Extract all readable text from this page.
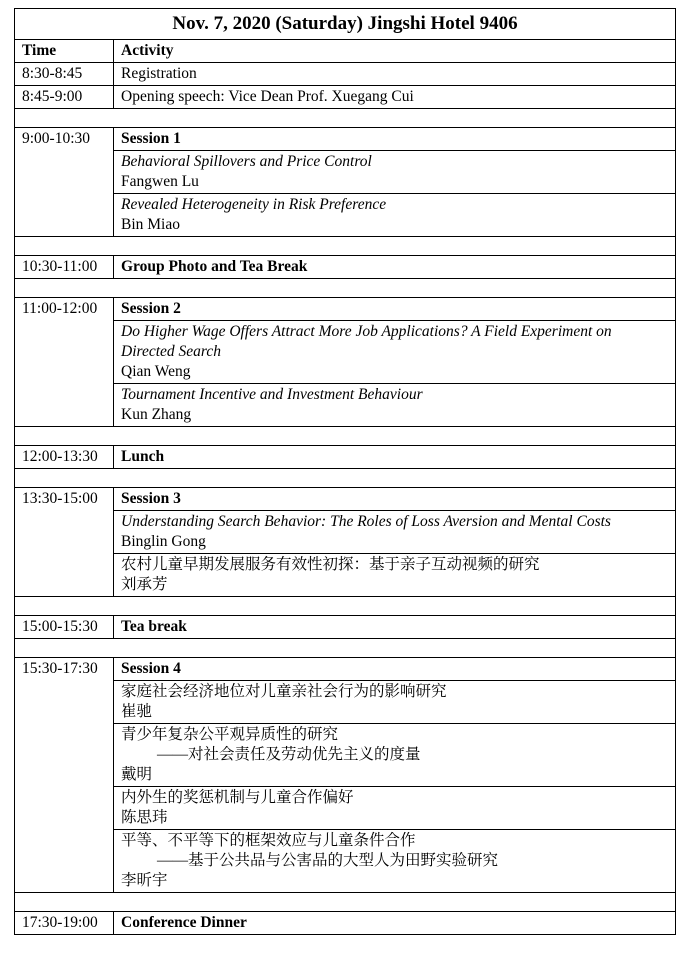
Nov. 7, 2020 (Saturday) Jingshi Hotel 9406	
Time	Activity
8:30-8:45	Registration
8:45-9:00	Opening speech: Vice Dean Prof. Xuegang Cui

9:00-10:30	Session 1

	Behavioral Spillovers and Price Control
Fangwen Lu

	Revealed Heterogeneity in Risk Preference
Bin Miao

10:30-11:00	Group Photo and Tea Break

11:00-12:00	Session 2

	Do Higher Wage Offers Attract More Job Applications? A Field Experiment on Directed Search
Qian Weng

	Tournament Incentive and Investment Behaviour
Kun Zhang

12:00-13:30	Lunch

13:30-15:00	Session 3

	Understanding Search Behavior: The Roles of Loss Aversion and Mental Costs
Binglin Gong

	农村儿童早期发展服务有效性初探：基于亲子互动视频的研究
刘承芳

15:00-15:30	Tea break

15:30-17:30	Session 4

	家庭社会经济地位对儿童亲社会行为的影响研究
崔驰

	青少年复杂公平观异质性的研究
——对社会责任及劳动优先主义的度量
戴明

	内外生的奖惩机制与儿童合作偏好
陈思玮

	平等、不平等下的框架效应与儿童条件合作
——基于公共品与公害品的大型人为田野实验研究
李昕宇

17:30-19:00	Conference Dinner
